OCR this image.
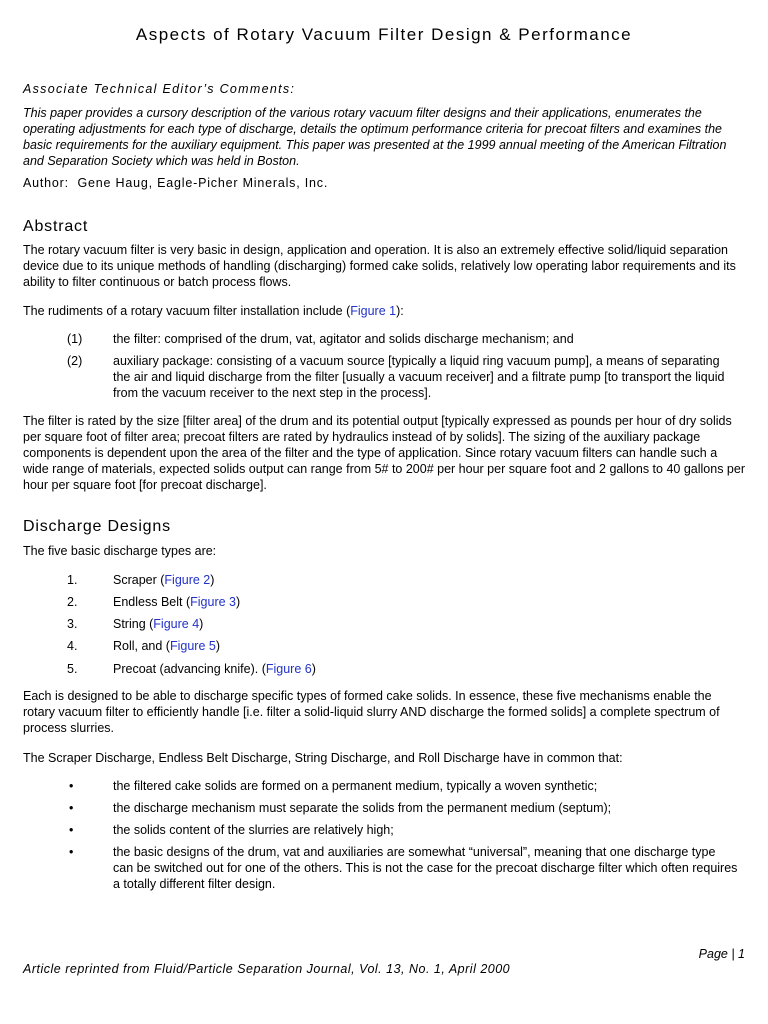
Aspects of Rotary Vacuum Filter Design & Performance
Associate Technical Editor’s Comments:
This paper provides a cursory description of the various rotary vacuum filter designs and their applications, enumerates the operating adjustments for each type of discharge, details the optimum performance criteria for precoat filters and examines the basic requirements for the auxiliary equipment. This paper was presented at the 1999 annual meeting of the American Filtration and Separation Society which was held in Boston.
Author: Gene Haug, Eagle-Picher Minerals, Inc.
Abstract
The rotary vacuum filter is very basic in design, application and operation. It is also an extremely effective solid/liquid separation device due to its unique methods of handling (discharging) formed cake solids, relatively low operating labor requirements and its ability to filter continuous or batch process flows.
The rudiments of a rotary vacuum filter installation include (Figure 1):
(1) the filter: comprised of the drum, vat, agitator and solids discharge mechanism; and
(2) auxiliary package: consisting of a vacuum source [typically a liquid ring vacuum pump], a means of separating the air and liquid discharge from the filter [usually a vacuum receiver] and a filtrate pump [to transport the liquid from the vacuum receiver to the next step in the process].
The filter is rated by the size [filter area] of the drum and its potential output [typically expressed as pounds per hour of dry solids per square foot of filter area; precoat filters are rated by hydraulics instead of by solids]. The sizing of the auxiliary package components is dependent upon the area of the filter and the type of application. Since rotary vacuum filters can handle such a wide range of materials, expected solids output can range from 5# to 200# per hour per square foot and 2 gallons to 40 gallons per hour per square foot [for precoat discharge].
Discharge Designs
The five basic discharge types are:
1.	Scraper (Figure 2)
2.	Endless Belt (Figure 3)
3.	String (Figure 4)
4.	Roll, and (Figure 5)
5.	Precoat (advancing knife). (Figure 6)
Each is designed to be able to discharge specific types of formed cake solids. In essence, these five mechanisms enable the rotary vacuum filter to efficiently handle [i.e. filter a solid-liquid slurry AND discharge the formed solids] a complete spectrum of process slurries.
The Scraper Discharge, Endless Belt Discharge, String Discharge, and Roll Discharge have in common that:
•	the filtered cake solids are formed on a permanent medium, typically a woven synthetic;
•	the discharge mechanism must separate the solids from the permanent medium (septum);
•	the solids content of the slurries are relatively high;
•	the basic designs of the drum, vat and auxiliaries are somewhat “universal”, meaning that one discharge type can be switched out for one of the others. This is not the case for the precoat discharge filter which often requires a totally different filter design.
Page | 1
Article reprinted from Fluid/Particle Separation Journal, Vol. 13, No. 1, April 2000
